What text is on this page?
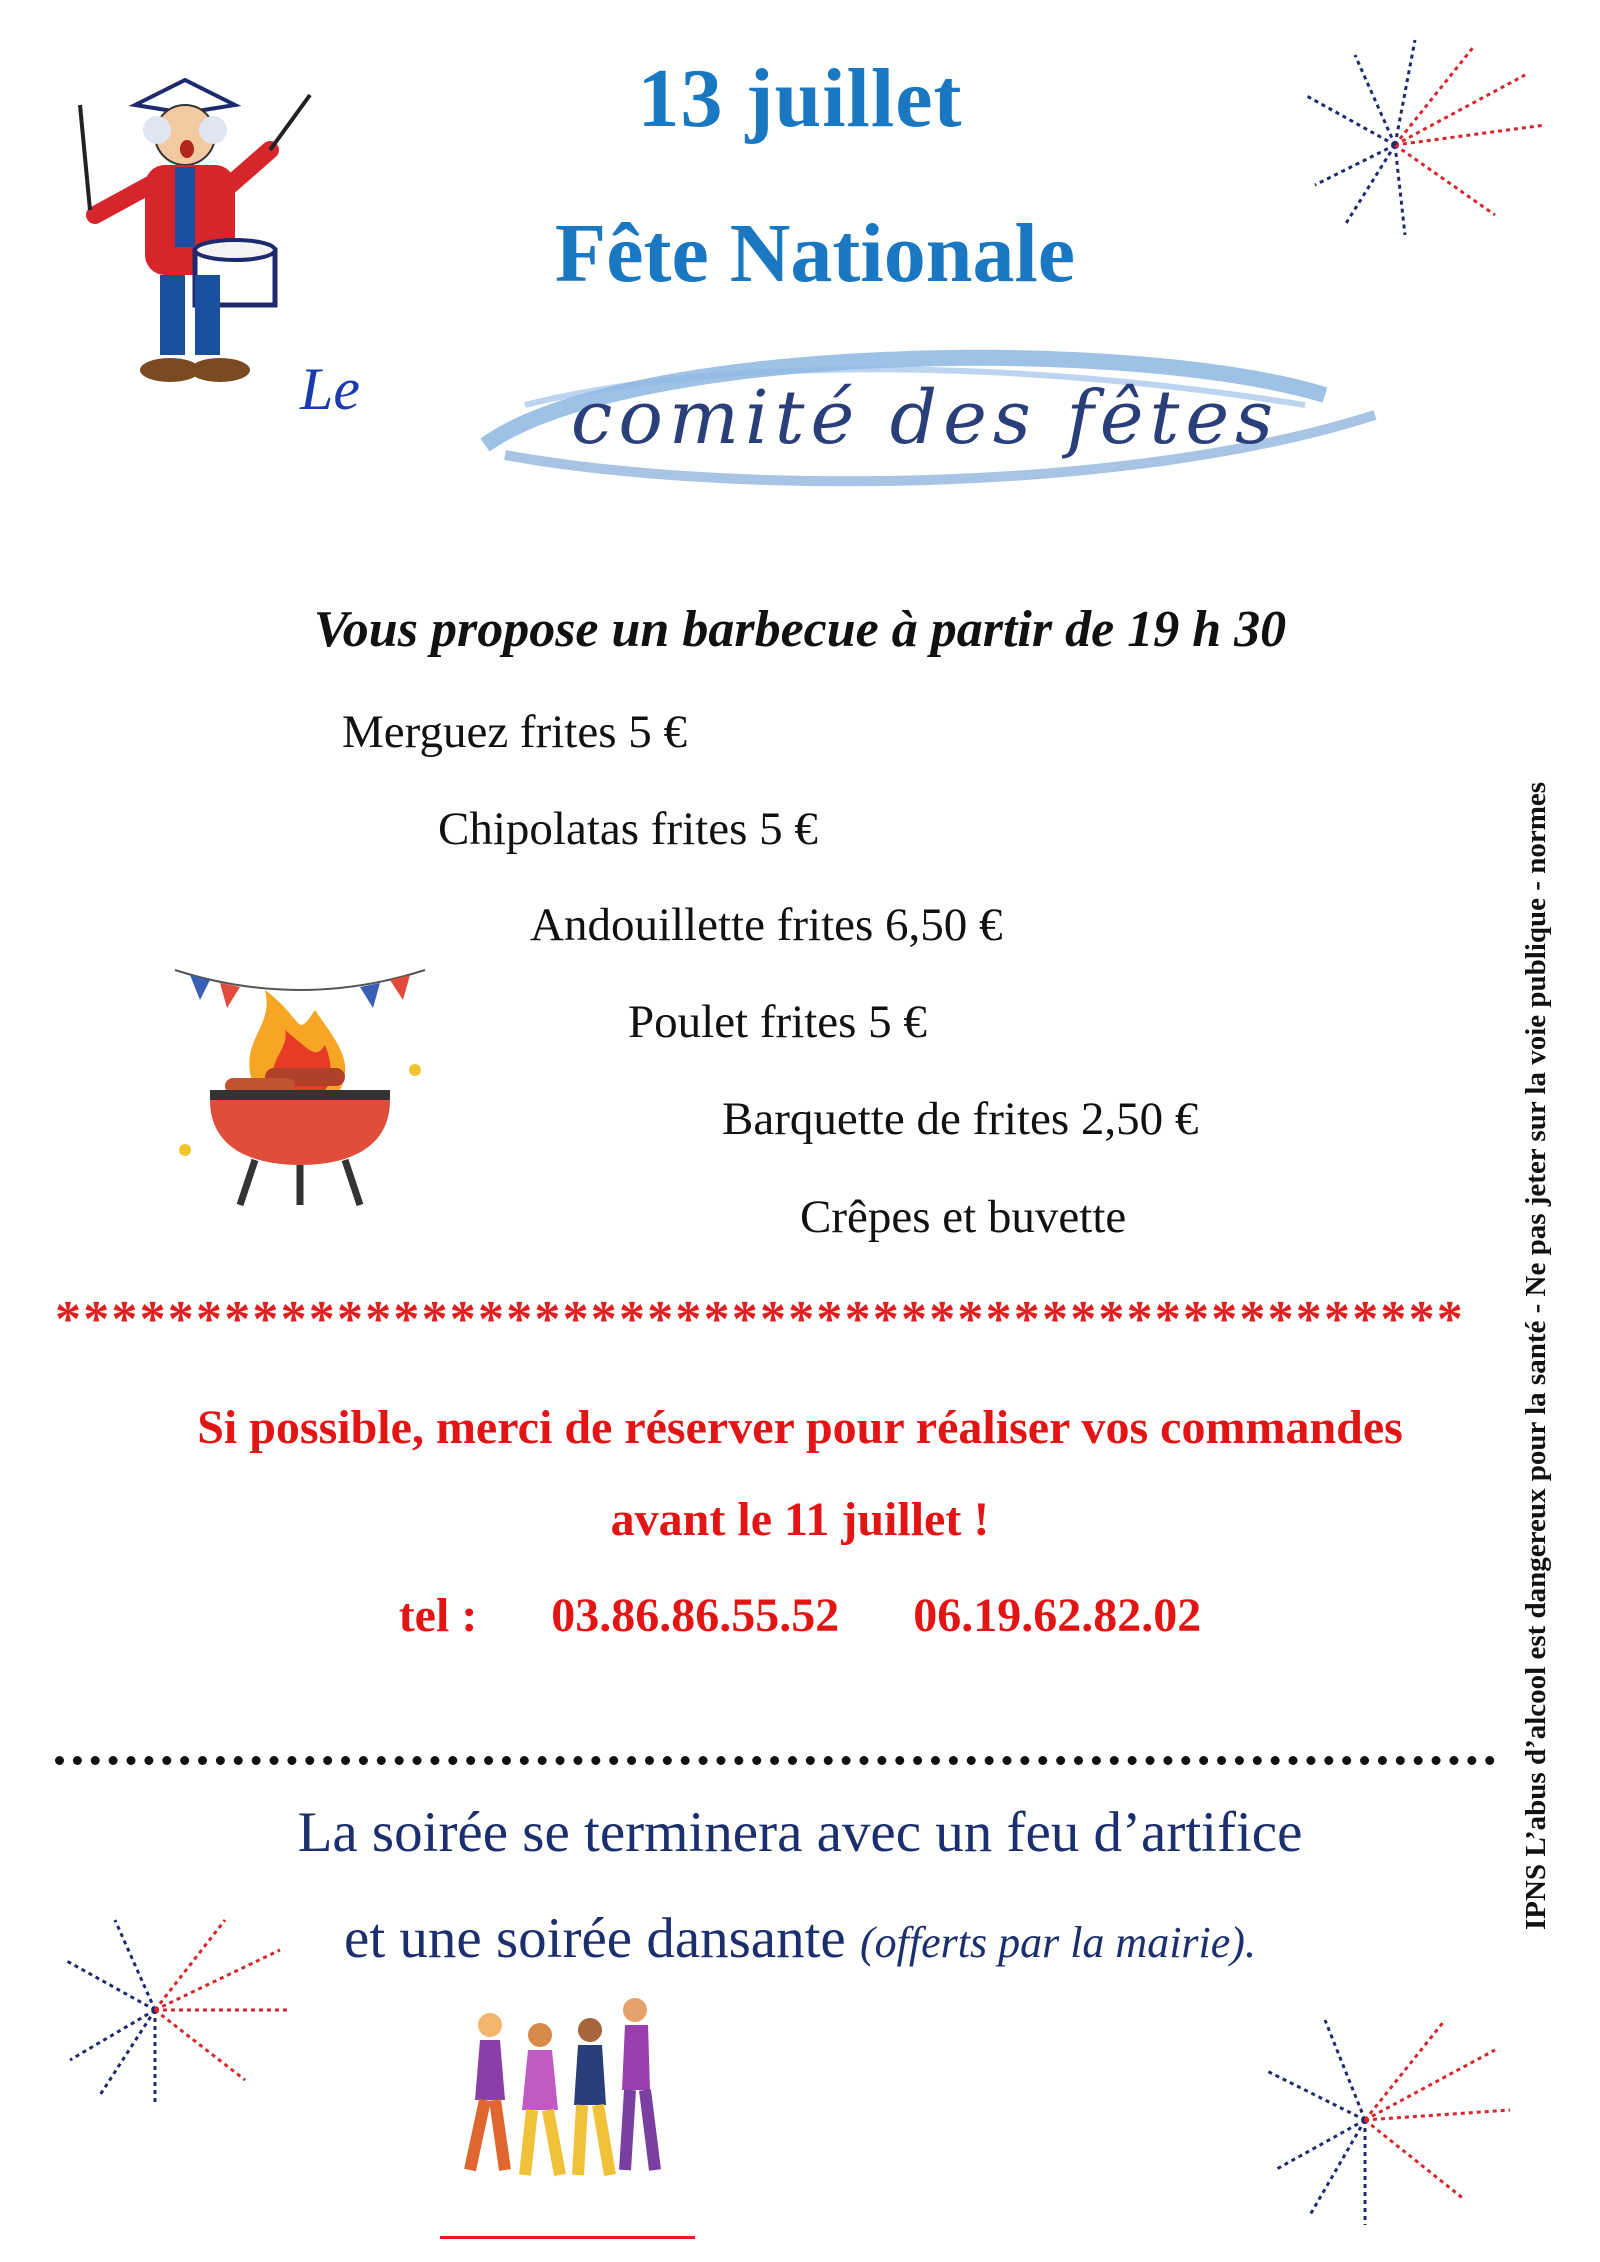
13 juillet
Fête Nationale
Le	comité des fêtes
Vous propose un barbecue à partir de 19 h 30
Merguez frites 5 €
Chipolatas frites 5 €
Andouillette frites 6,50 €
Poulet frites 5 €
Barquette de frites 2,50 €
Crêpes et buvette
**************************************************
Si possible, merci de réserver pour réaliser vos commandes
avant le 11 juillet !
tel : 03.86.86.55.52 06.19.62.82.02
La soirée se terminera avec un feu d’artifice
et une soirée dansante (offerts par la mairie).
IPNS L’abus d’alcool est dangereux pour la santé - Ne pas jeter sur la voie publique - normes
